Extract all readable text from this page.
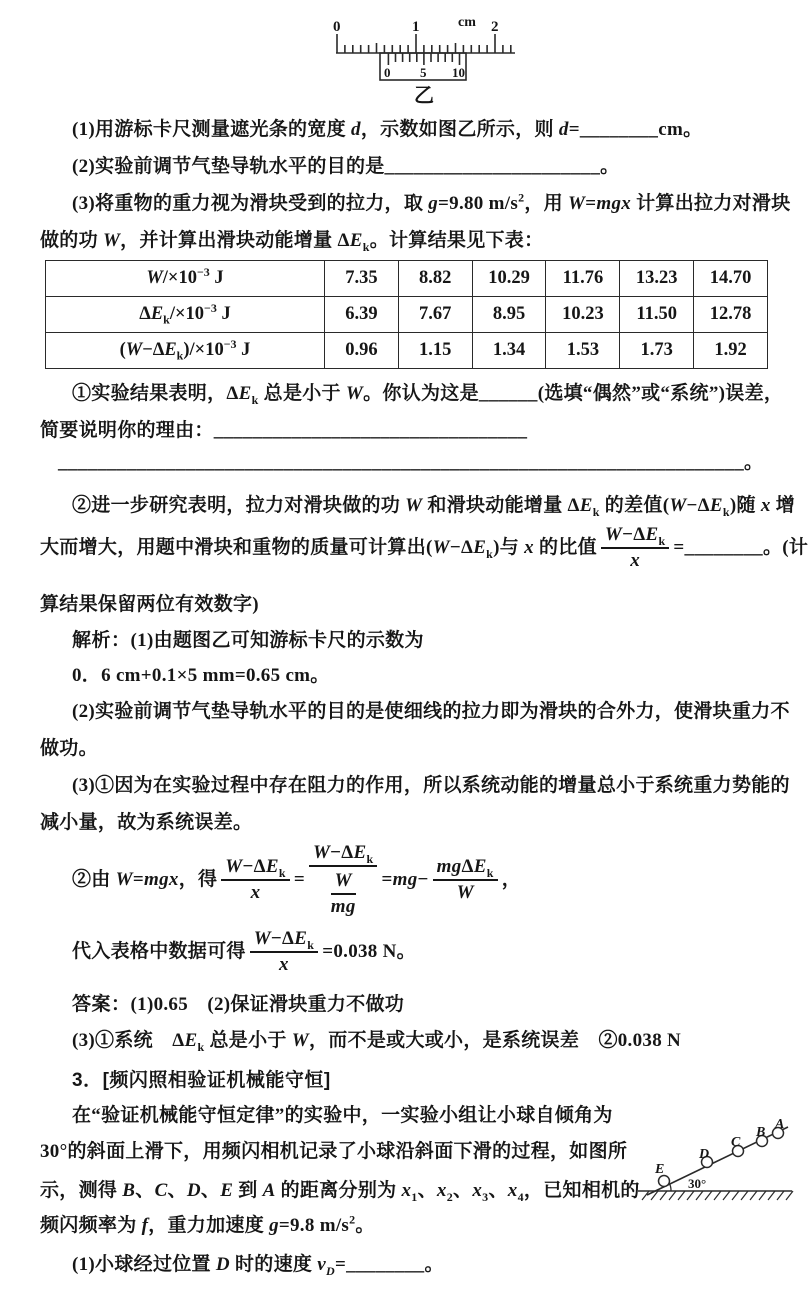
cm
0	1	2
0 5 10
乙
(1)用游标卡尺测量遮光条的宽度 d，示数如图乙所示，则 d=________cm。
(2)实验前调节气垫导轨水平的目的是______________________。
(3)将重物的重力视为滑块受到的拉力，取 g=9.80 $m/s^2$，用 W=mgx 计算出拉力对滑块
做的功 W，并计算出滑块动能增量 $\Delta E_k$。计算结果见下表：
$W/\times 10^{-3}$ J	7.35	8.82	10.29	11.76	13.23	14.70
$\Delta E_k/\times 10^{-3}$ J	6.39	7.67	8.95	10.23	11.50	12.78
$(W-\Delta E_k)/\times 10^{-3}$ J	0.96	1.15	1.34	1.53	1.73	1.92
①实验结果表明，$\Delta E_k$ 总是小于 W。你认为这是______(选填“偶然”或“系统”)误差，
简要说明你的理由：________________________________
______________________________________________________________________。
②进一步研究表明，拉力对滑块做的功 W 和滑块动能增量 $\Delta E_k$ 的差值$(W-\Delta E_k)$随 x 增
大而增大，用题中滑块和重物的质量可计算出$(W-\Delta E_k)$与 x 的比值 $\frac{W-\Delta E_k}{x}$ =________。(计
算结果保留两位有效数字)
解析：(1)由题图乙可知游标卡尺的示数为
0．6 cm+0.1×5 mm=0.65 cm。
(2)实验前调节气垫导轨水平的目的是使细线的拉力即为滑块的合外力，使滑块重力不
做功。
(3)①因为在实验过程中存在阻力的作用，所以系统动能的增量总小于系统重力势能的
减小量，故为系统误差。
②由 W=mgx，得 $\frac{W-\Delta E_k}{x} = \frac{W-\Delta E_k}{\frac{W}{mg}} =mg- \frac{mg\Delta E_k}{W}$ ，
代入表格中数据可得 $\frac{W-\Delta E_k}{x} =0.038$ N。
答案：(1)0.65　(2)保证滑块重力不做功
(3)①系统　$\Delta E_k$ 总是小于 W，而不是或大或小，是系统误差　②0.038 N
3．[频闪照相验证机械能守恒]
在“验证机械能守恒定律”的实验中，一实验小组让小球自倾角为
30°的斜面上滑下，用频闪相机记录了小球沿斜面下滑的过程，如图所
示，测得 B、C、D、E 到 A 的距离分别为 $x_1$、$x_2$、$x_3$、$x_4$，已知相机的
频闪频率为 f，重力加速度 g=9.8 $m/s^2$。
(1)小球经过位置 D 时的速度 $v_D=\_\_\_\_\_\_\_\_$。
A
B
C
D
E
30°
